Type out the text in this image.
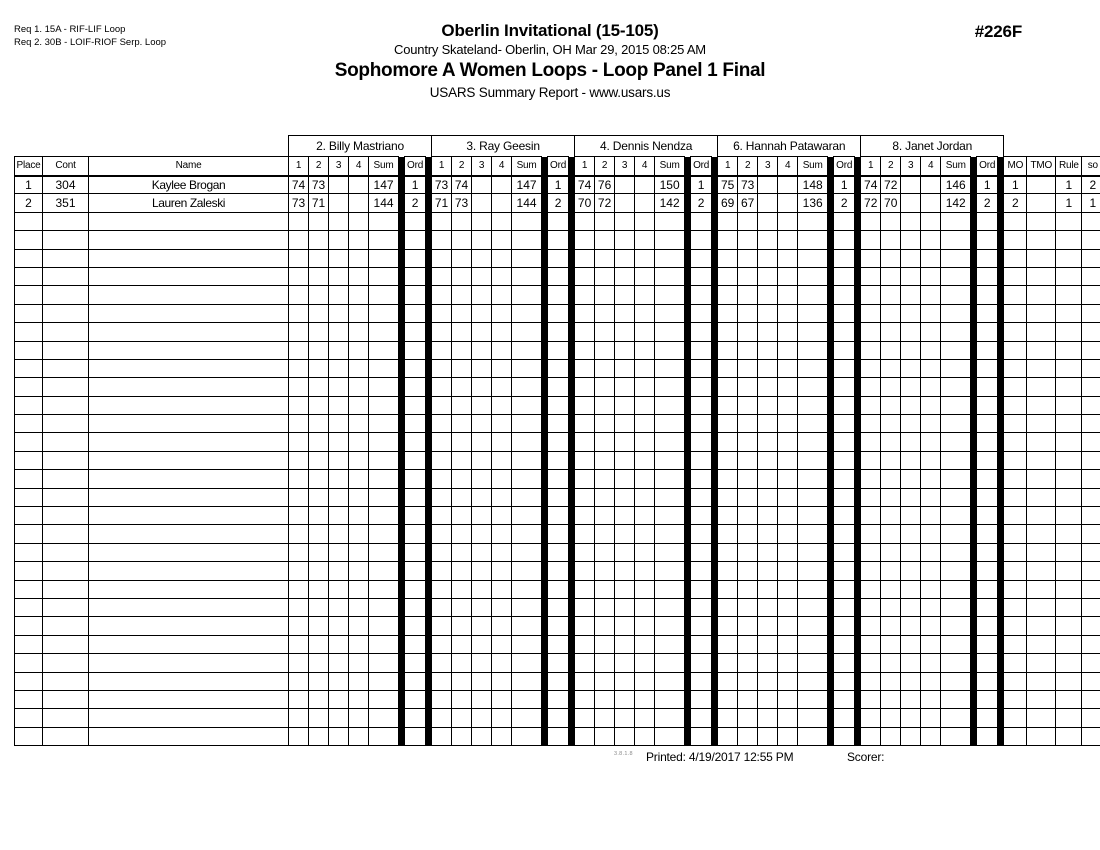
Req 1. 15A - RIF-LIF Loop
Req 2. 30B - LOIF-RIOF Serp. Loop
Oberlin Invitational (15-105)
Country Skateland- Oberlin, OH Mar 29, 2015 08:25 AM
Sophomore A Women Loops - Loop Panel 1 Final
USARS Summary Report - www.usars.us
#226F
			2. Billy Mastriano								3. Ray Geesin								4. Dennis Nendza								6. Hannah Patawaran								8. Janet Jordan											
Place	Cont	Name	1	2	3	4	Sum		Ord		1	2	3	4	Sum		Ord		1	2	3	4	Sum		Ord		1	2	3	4	Sum		Ord		1	2	3	4	Sum		Ord		MO	TMO	Rule	so
1	304	Kaylee Brogan	74	73			147		1		73	74			147		1		74	76			150		1		75	73			148		1		74	72			146		1		1		1	2
2	351	Lauren Zaleski	73	71			144		2		71	73			144		2		70	72			142		2		69	67			136		2		72	70			142		2		2		1	1

3.8.1.8 Printed: 4/19/2017 12:55 PM	Scorer:
